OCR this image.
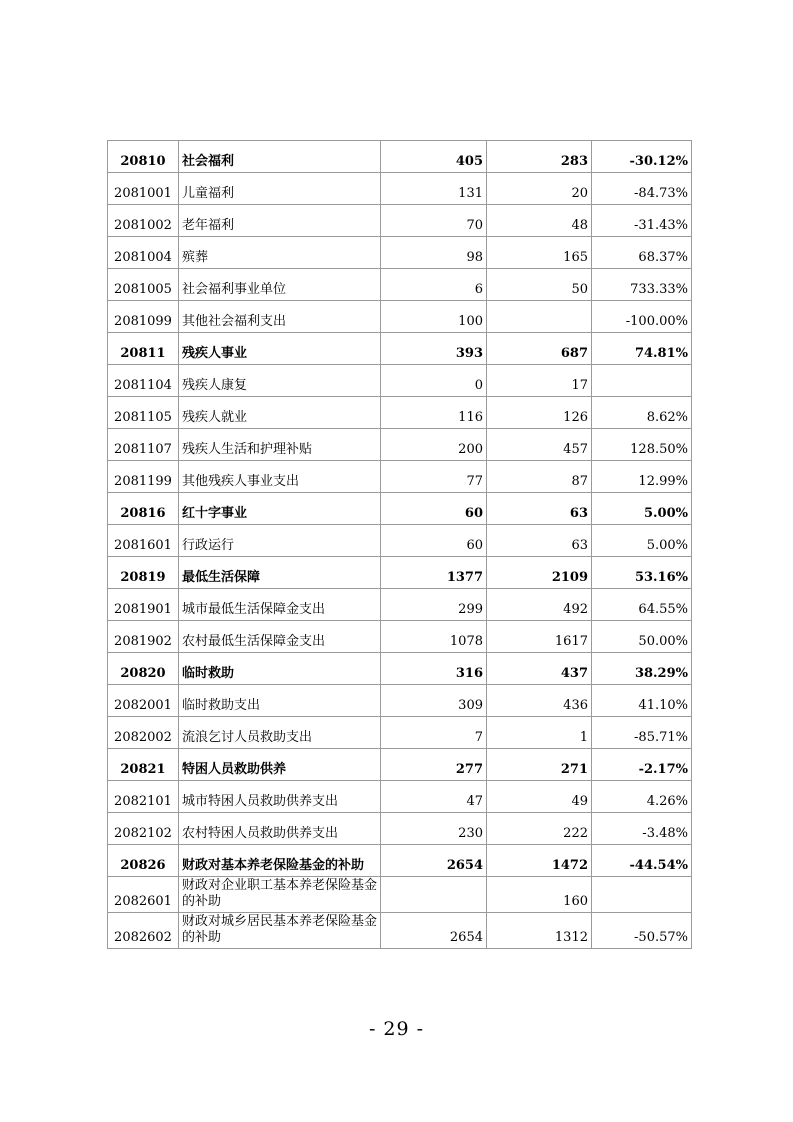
20810	社会福利	405	283	-30.12%
2081001	儿童福利	131	20	-84.73%
2081002	老年福利	70	48	-31.43%
2081004	殡葬	98	165	68.37%
2081005	社会福利事业单位	6	50	733.33%
2081099	其他社会福利支出	100		-100.00%
20811	残疾人事业	393	687	74.81%
2081104	残疾人康复	0	17	
2081105	残疾人就业	116	126	8.62%
2081107	残疾人生活和护理补贴	200	457	128.50%
2081199	其他残疾人事业支出	77	87	12.99%
20816	红十字事业	60	63	5.00%
2081601	行政运行	60	63	5.00%
20819	最低生活保障	1377	2109	53.16%
2081901	城市最低生活保障金支出	299	492	64.55%
2081902	农村最低生活保障金支出	1078	1617	50.00%
20820	临时救助	316	437	38.29%
2082001	临时救助支出	309	436	41.10%
2082002	流浪乞讨人员救助支出	7	1	-85.71%
20821	特困人员救助供养	277	271	-2.17%
2082101	城市特困人员救助供养支出	47	49	4.26%
2082102	农村特困人员救助供养支出	230	222	-3.48%
20826	财政对基本养老保险基金的补助	2654	1472	-44.54%
2082601	财政对企业职工基本养老保险基金的补助		160	
2082602	财政对城乡居民基本养老保险基金的补助	2654	1312	-50.57%
- 29 -
